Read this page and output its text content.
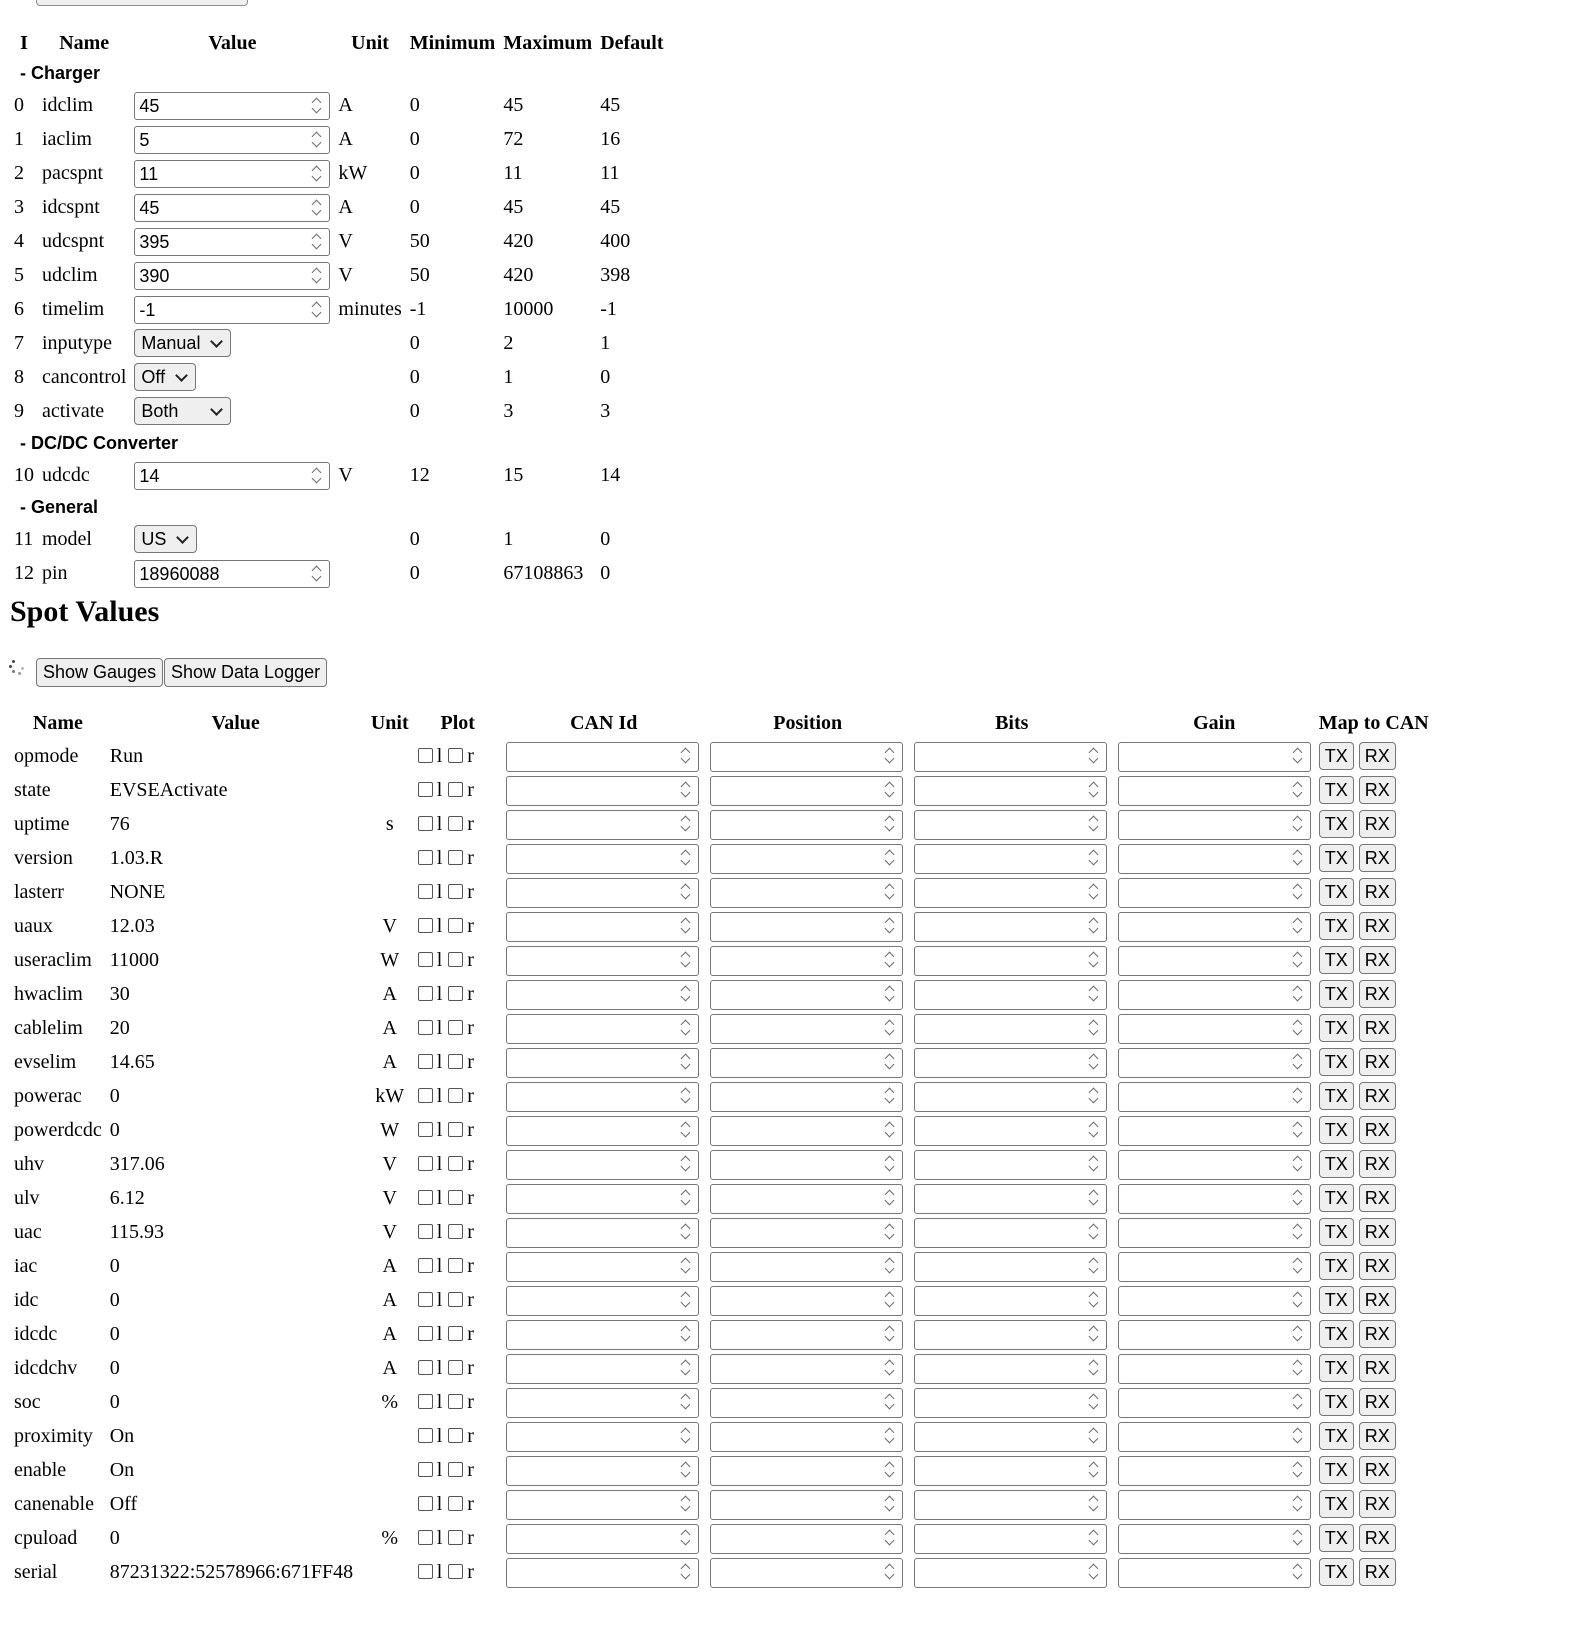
I	Name	Value	Unit	Minimum	Maximum	Default
- Charger						
0	idclim	45	A	0	45	45
1	iaclim	5	A	0	72	16
2	pacspnt	11	kW	0	11	11
3	idcspnt	45	A	0	45	45
4	udcspnt	395	V	50	420	400
5	udclim	390	V	50	420	398
6	timelim	-1	minutes	-1	10000	-1
7	inputype	Manual		0	2	1
8	cancontrol	Off		0	1	0
9	activate	Both		0	3	3
- DC/DC Converter						
10	udcdc	14	V	12	15	14
- General						
11	model	US		0	1	0
12	pin	18960088		0	67108863	0
Spot Values
Show Gauges Show Data Logger
Name	Value	Unit	Plot	CAN Id	Position	Bits	Gain	Map to CAN
opmode	Run		l r					TX RX
state	EVSEActivate		l r					TX RX
uptime	76	s	l r					TX RX
version	1.03.R		l r					TX RX
lasterr	NONE		l r					TX RX
uaux	12.03	V	l r					TX RX
useraclim	11000	W	l r					TX RX
hwaclim	30	A	l r					TX RX
cablelim	20	A	l r					TX RX
evselim	14.65	A	l r					TX RX
powerac	0	kW	l r					TX RX
powerdcdc	0	W	l r					TX RX
uhv	317.06	V	l r					TX RX
ulv	6.12	V	l r					TX RX
uac	115.93	V	l r					TX RX
iac	0	A	l r					TX RX
idc	0	A	l r					TX RX
idcdc	0	A	l r					TX RX
idcdchv	0	A	l r					TX RX
soc	0	%	l r					TX RX
proximity	On		l r					TX RX
enable	On		l r					TX RX
canenable	Off		l r					TX RX
cpuload	0	%	l r					TX RX
serial	87231322:52578966:671FF48		l r					TX RX
